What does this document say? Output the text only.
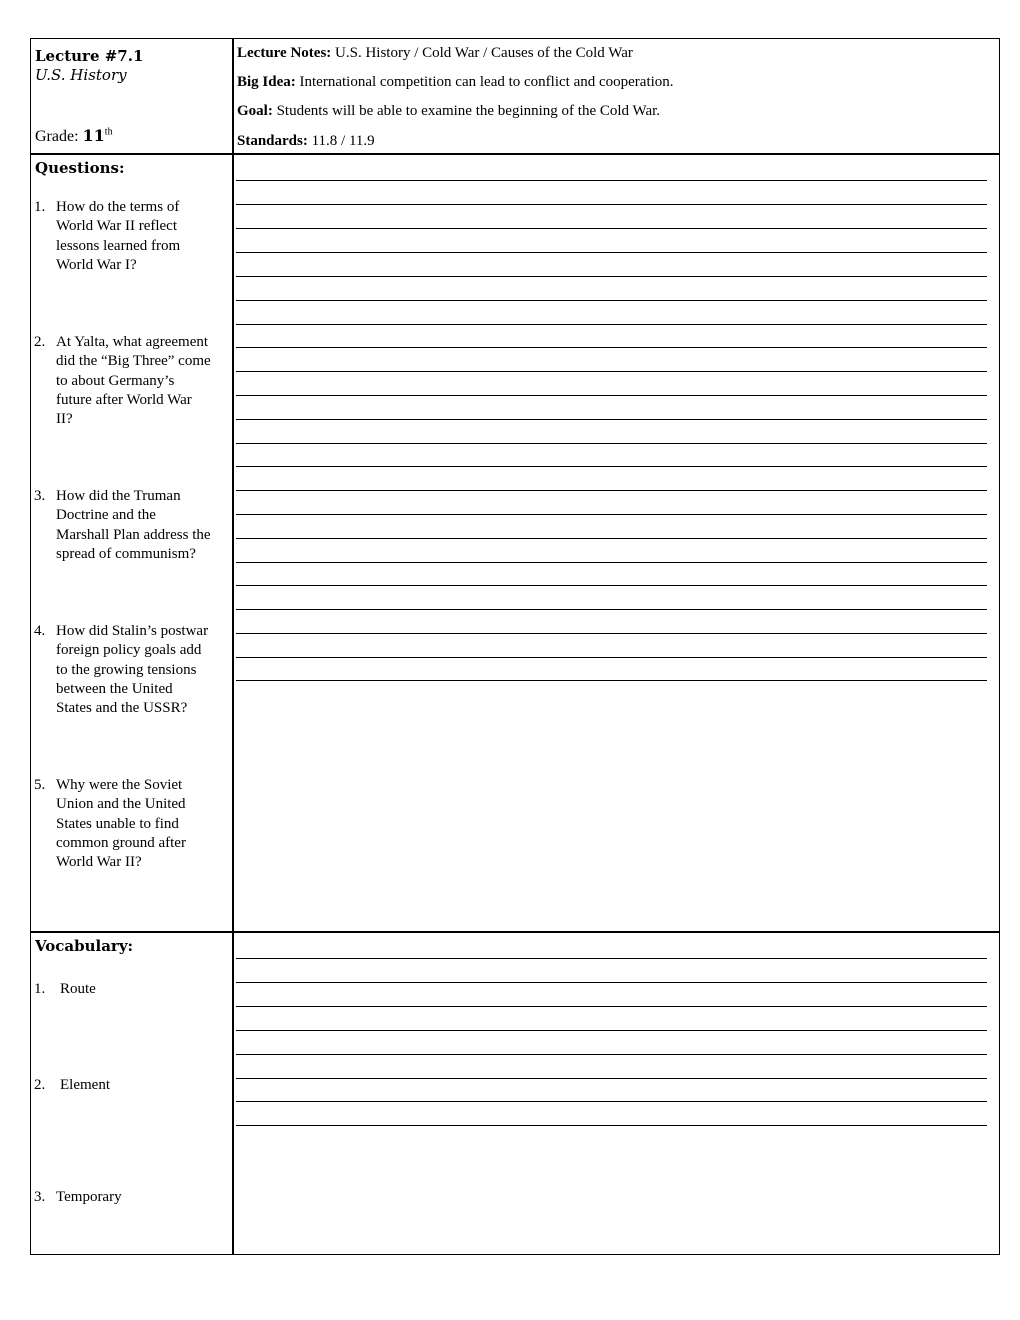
Lecture #7.1
U.S. History
Grade: 11th
Lecture Notes: U.S. History / Cold War / Causes of the Cold War
Big Idea: International competition can lead to conflict and cooperation.
Goal: Students will be able to examine the beginning of the Cold War.
Standards: 11.8 / 11.9
Questions:
1. How do the terms of
World War II reflect
lessons learned from
World War I?
2. At Yalta, what agreement
did the “Big Three” come
to about Germany’s
future after World War
II?
3. How did the Truman
Doctrine and the
Marshall Plan address the
spread of communism?
4. How did Stalin’s postwar
foreign policy goals add
to the growing tensions
between the United
States and the USSR?
5. Why were the Soviet
Union and the United
States unable to find
common ground after
World War II?
Vocabulary:
1. Route
2. Element
3. Temporary
